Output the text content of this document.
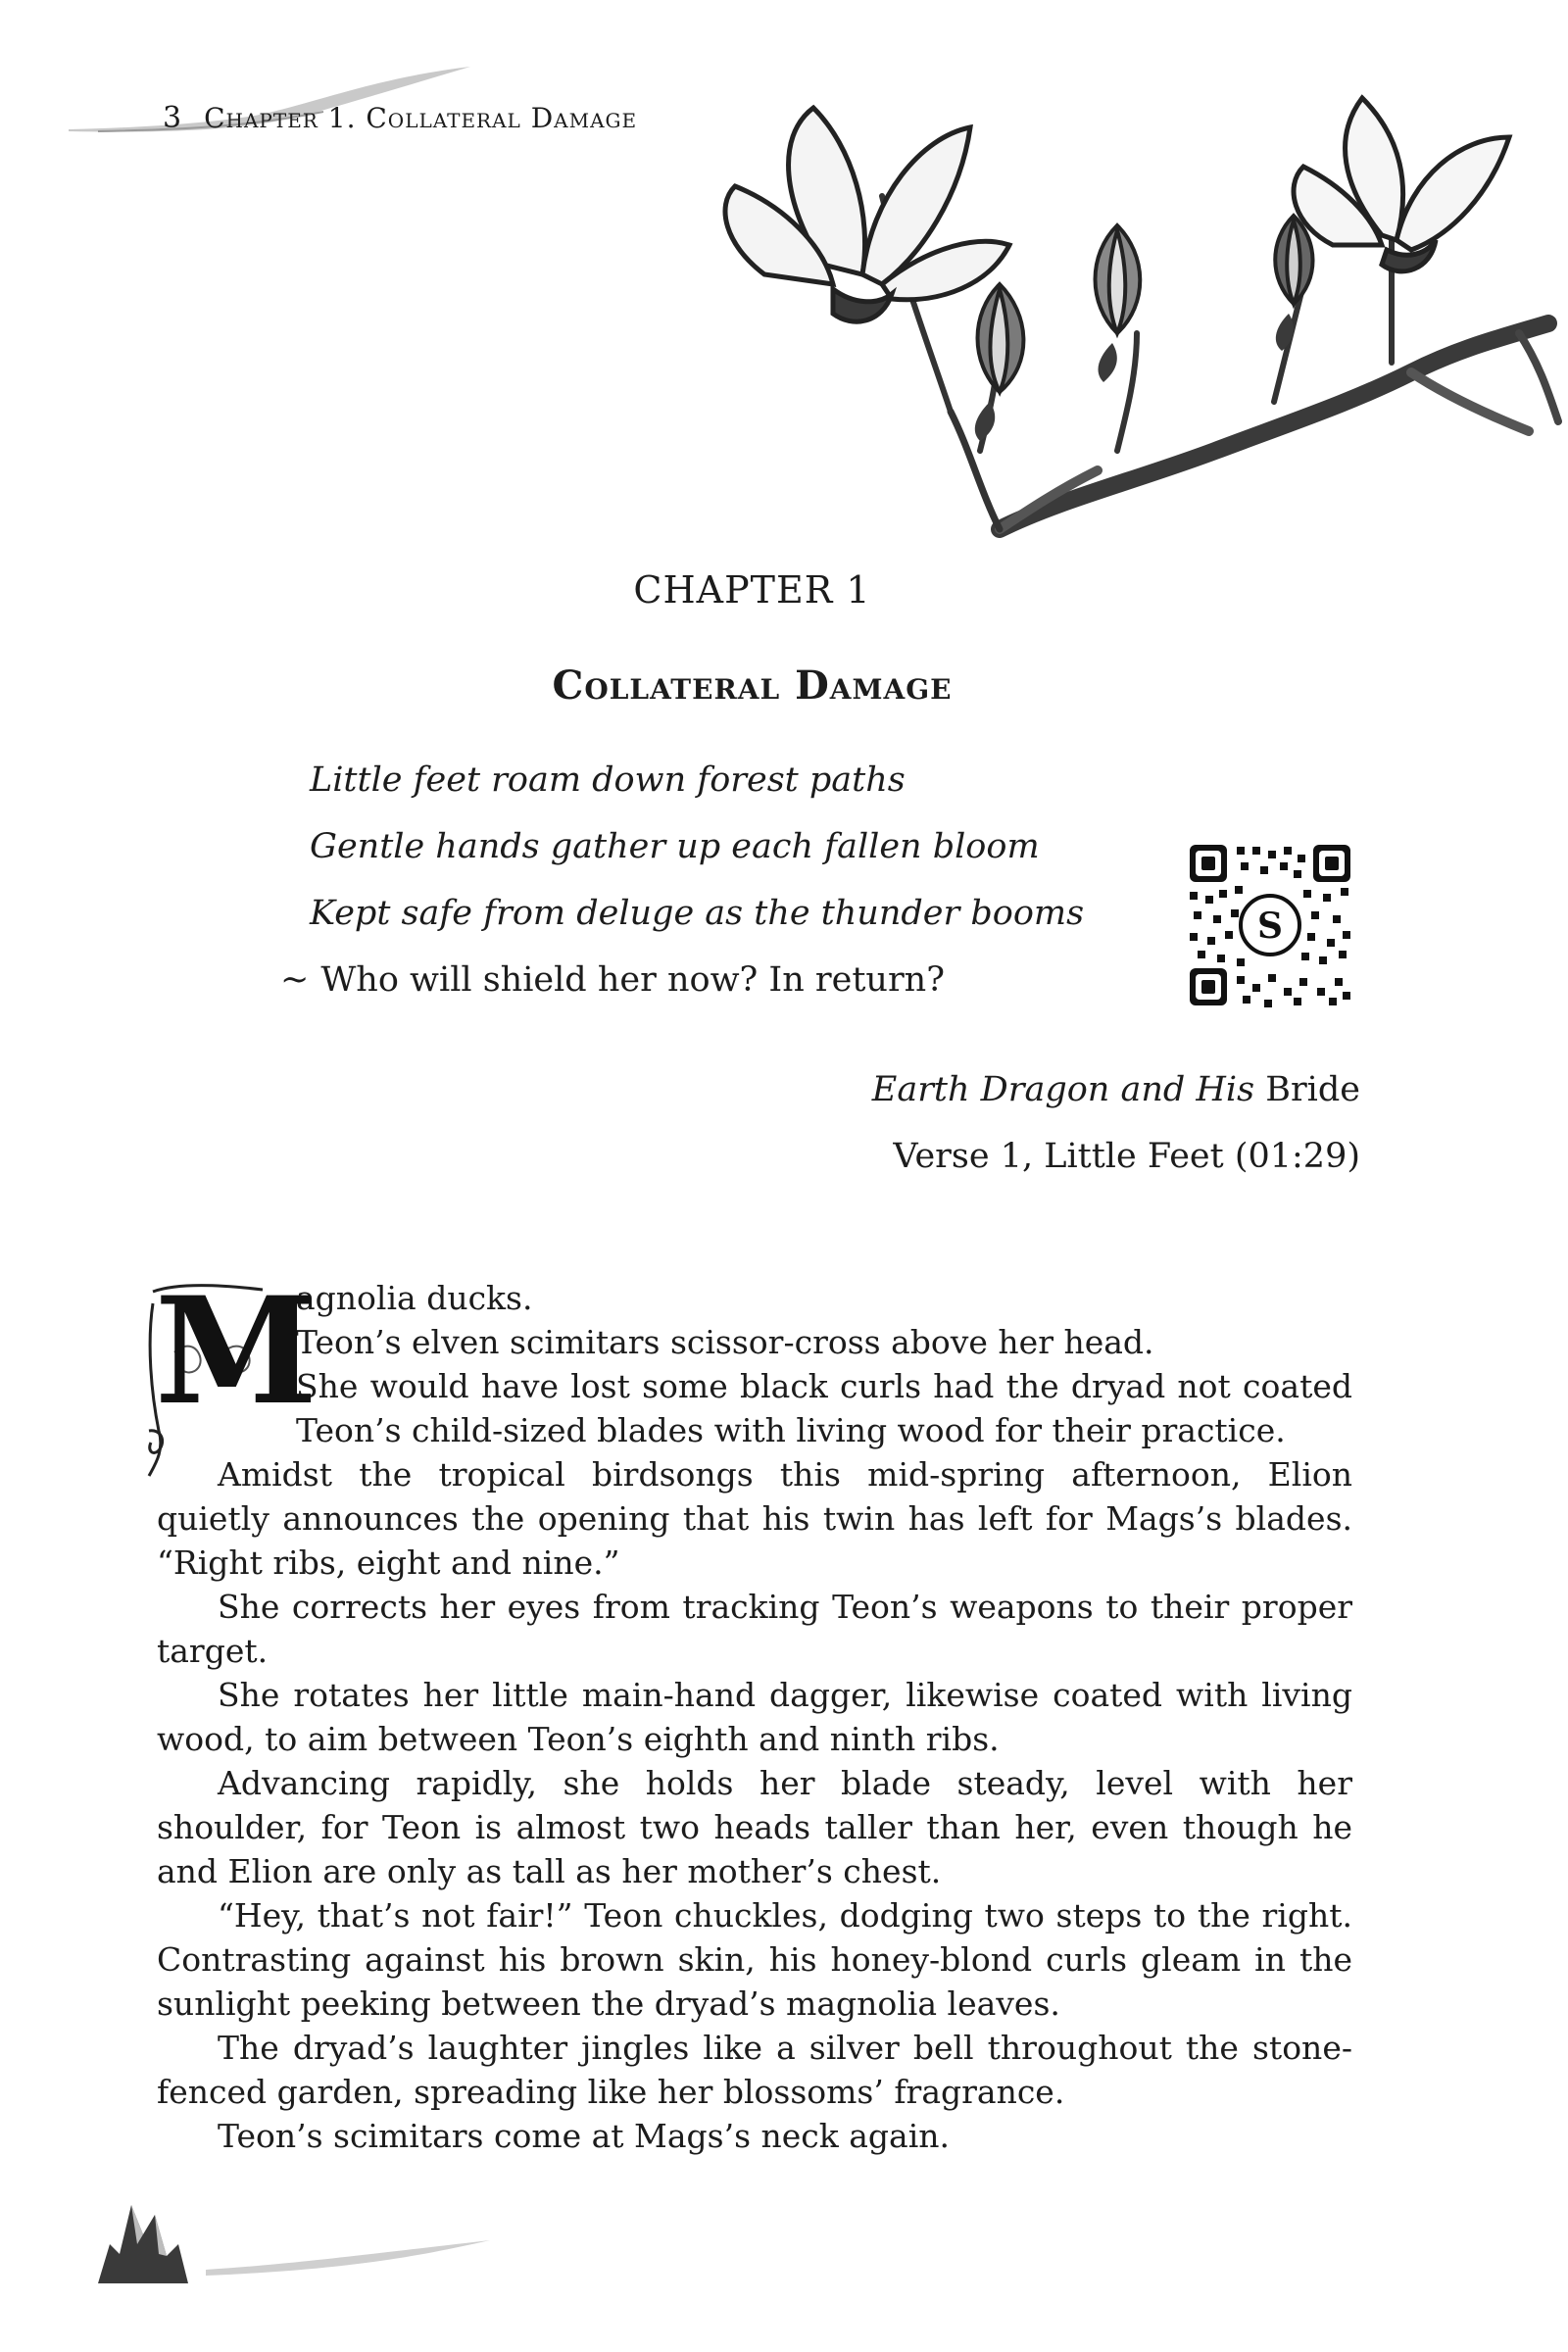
3 Chapter 1. Collateral Damage
CHAPTER 1
Collateral Damage
Little feet roam down forest paths
Gentle hands gather up each fallen bloom
Kept safe from deluge as the thunder booms
~ Who will shield her now? In return?
S
Earth Dragon and His Bride
Verse 1, Little Feet (01:29)
M

agnolia ducks.

Teon’s elven scimitars scissor-cross above her head.

She would have lost some black curls had the dryad not coated Teon’s child-sized blades with living wood for their practice.

Amidst the tropical birdsongs this mid-spring afternoon, Elion quietly announces the opening that his twin has left for Mags’s blades. “Right ribs, eight and nine.”

She corrects her eyes from tracking Teon’s weapons to their proper target.

She rotates her little main-hand dagger, likewise coated with living wood, to aim between Teon’s eighth and ninth ribs.

Advancing rapidly, she holds her blade steady, level with her shoulder, for Teon is almost two heads taller than her, even though he and Elion are only as tall as her mother’s chest.

“Hey, that’s not fair!” Teon chuckles, dodging two steps to the right. Contrasting against his brown skin, his honey-blond curls gleam in the sunlight peeking between the dryad’s magnolia leaves.

The dryad’s laughter jingles like a silver bell throughout the stone-fenced garden, spreading like her blossoms’ fragrance.

Teon’s scimitars come at Mags’s neck again.
